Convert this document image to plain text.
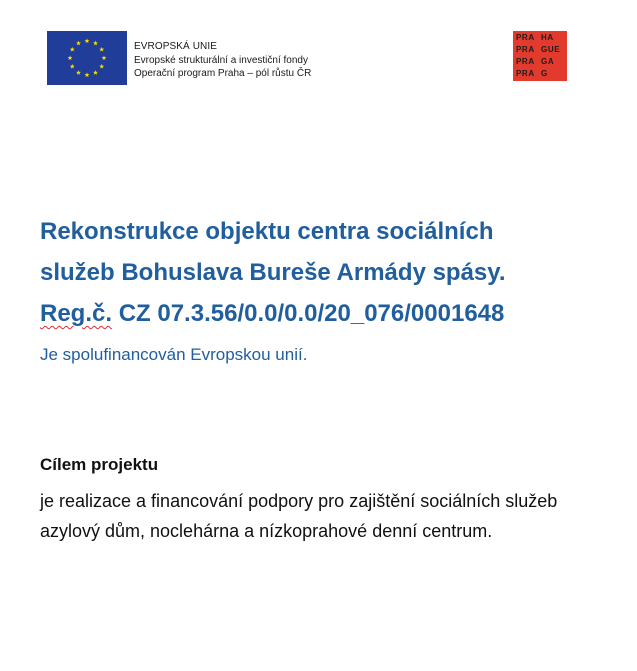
EVROPSKÁ UNIE
Evropské strukturální a investiční fondy
Operační program Praha – pól růstu ČR
PRA HA
PRA GUE
PRA GA
PRA G
Rekonstrukce objektu centra sociálních
služeb Bohuslava Bureše Armády spásy.
Reg.č. CZ 07.3.56/0.0/0.0/20_076/0001648
Je spolufinancován Evropskou unií.
Cílem projektu
je realizace a financování podpory pro zajištění sociálních služeb azylový dům, noclehárna a nízkoprahové denní centrum.
